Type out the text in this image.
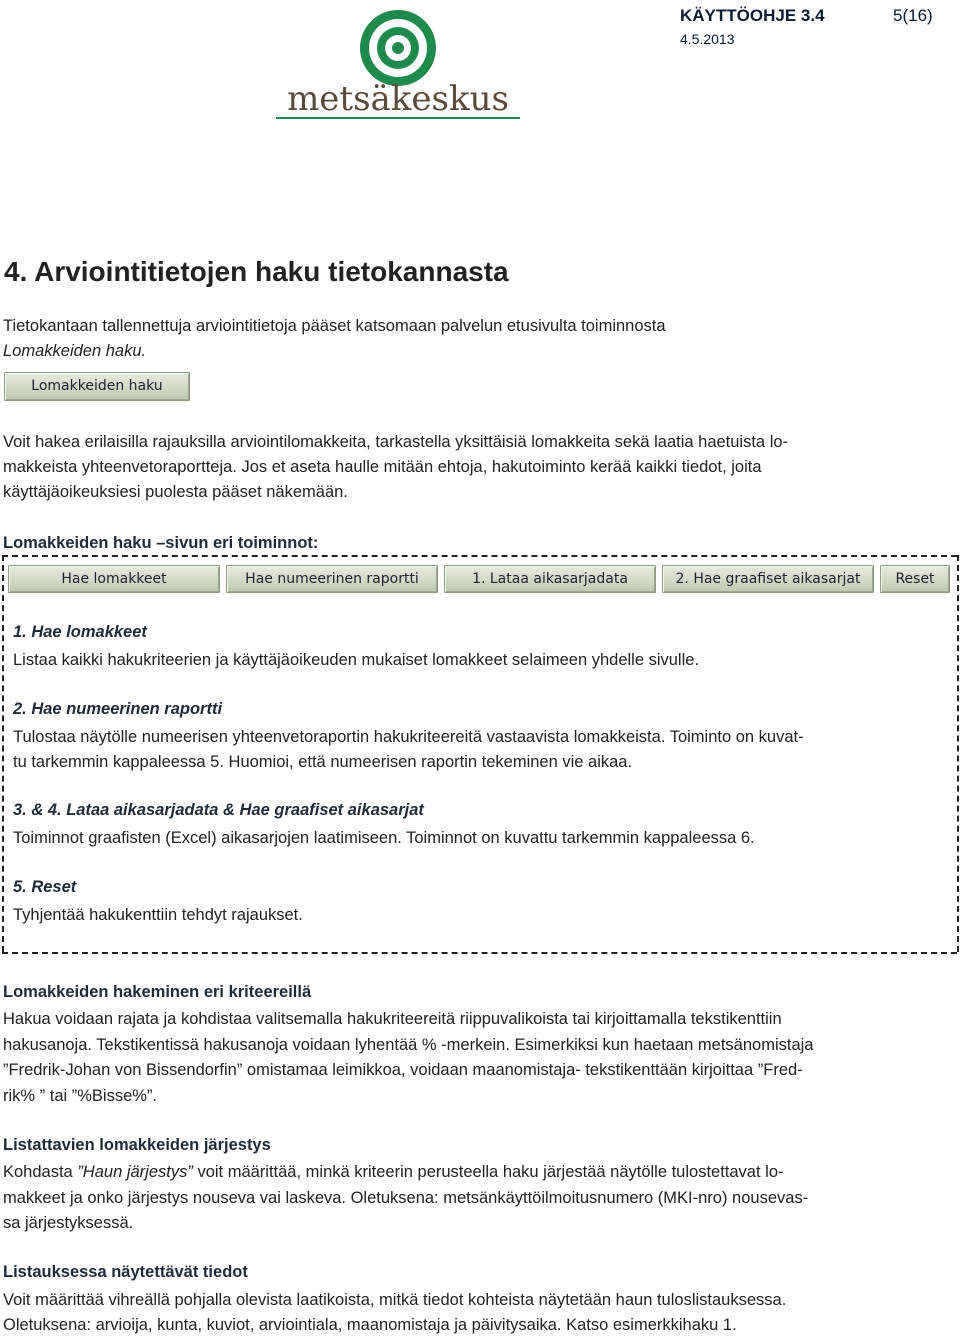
metsäkeskus
KÄYTTÖOHJE 3.4	5(16)
4.5.2013
4. Arviointitietojen haku tietokannasta
Tietokantaan tallennettuja arviointitietoja pääset katsomaan palvelun etusivulta toiminnosta
Lomakkeiden haku.
Lomakkeiden haku
Voit hakea erilaisilla rajauksilla arviointilomakkeita, tarkastella yksittäisiä lomakkeita sekä laatia haetuista lo-
makkeista yhteenvetoraportteja. Jos et aseta haulle mitään ehtoja, hakutoiminto kerää kaikki tiedot, joita
käyttäjäoikeuksiesi puolesta pääset näkemään.
Lomakkeiden haku –sivun eri toiminnot:
Hae lomakkeet	Hae numeerinen raportti	1. Lataa aikasarjadata	2. Hae graafiset aikasarjat	Reset
1. Hae lomakkeet
Listaa kaikki hakukriteerien ja käyttäjäoikeuden mukaiset lomakkeet selaimeen yhdelle sivulle.
2. Hae numeerinen raportti
Tulostaa näytölle numeerisen yhteenvetoraportin hakukriteereitä vastaavista lomakkeista. Toiminto on kuvat-
tu tarkemmin kappaleessa 5. Huomioi, että numeerisen raportin tekeminen vie aikaa.
3. & 4. Lataa aikasarjadata & Hae graafiset aikasarjat
Toiminnot graafisten (Excel) aikasarjojen laatimiseen. Toiminnot on kuvattu tarkemmin kappaleessa 6.
5. Reset
Tyhjentää hakukenttiin tehdyt rajaukset.
Lomakkeiden hakeminen eri kriteereillä
Hakua voidaan rajata ja kohdistaa valitsemalla hakukriteereitä riippuvalikoista tai kirjoittamalla tekstikenttiin
hakusanoja. Tekstikentissä hakusanoja voidaan lyhentää % -merkein. Esimerkiksi kun haetaan metsänomistaja
”Fredrik-Johan von Bissendorfin” omistamaa leimikkoa, voidaan maanomistaja- tekstikenttään kirjoittaa ”Fred-
rik% ” tai ”%Bisse%”.
Listattavien lomakkeiden järjestys
Kohdasta ”Haun järjestys” voit määrittää, minkä kriteerin perusteella haku järjestää näytölle tulostettavat lo-
makkeet ja onko järjestys nouseva vai laskeva. Oletuksena: metsänkäyttöilmoitusnumero (MKI-nro) nousevas-
sa järjestyksessä.
Listauksessa näytettävät tiedot
Voit määrittää vihreällä pohjalla olevista laatikoista, mitkä tiedot kohteista näytetään haun tuloslistauksessa.
Oletuksena: arvioija, kunta, kuviot, arviointiala, maanomistaja ja päivitysaika. Katso esimerkkihaku 1.
